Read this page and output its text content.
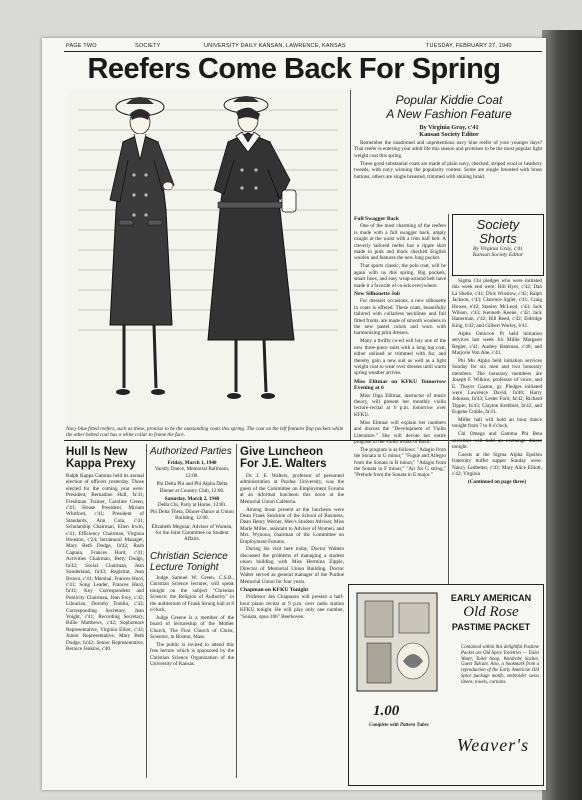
PAGE TWO	SOCIETY	UNIVERSITY DAILY KANSAN, LAWRENCE, KANSAS	TUESDAY, FEBRUARY 27, 1940
Reefers Come Back For Spring
Navy blue fitted reefers, such as these, promise to be the outstanding coats this spring. The coat on the left features flap pockets while the other belted coat has a white collar to frame the face.
Popular Kiddie Coat
A New Fashion Feature
By Virginia Gray, c'41
Kansan Society Editor

Remember the unadorned and unpretentious navy blue reefer of your younger days? That reefer is entering your adult life this season and promises to be the most popular light weight coat this spring.

These good substantial coats are made of plain navy, checked, striped wool or heathery tweeds, with navy winning the popularity contest. Some are single breasted with brass buttons; others are single breasted, trimmed with shining braid.

Full Swagger Back

One of the most charming of the reefers is made with a full swagger back, amply caught at the waist with a trim half belt. A cleverly tailored reefer has a ripple skirt made in pink and black checked English woolen and features the new lung pocket.

That sports classic, the polo coat, will be again with us this spring. Big pockets, smart lines, and easy wrap-around belt have made it a favorite of co-eds everywhere.

New Silhouette Job

For dressier occasions, a new silhouette in coats is offered. These coats, beautifully tailored with collarless necklines and full fitted fronts, are made of smooth woolens in the new pastel colors and worn with harmonizing print dresses.

Many a thrifty co-ed will buy one of the new three-piece suits with a long top coat, either unlined or trimmed with fur, and thereby gain a new suit as well as a light weight coat to wear over dresses until warm spring weather arrives.

Miss Elitmar on KFKU Tomorrow Evening at 6

Miss Olga Elitmar, instructor of music theory, will present her monthly violin lecture-recital at 6 p.m. tomorrow over KFKU.

Miss Elitmar will explain her numbers and discuss the "Development of Violin Literature." She will devote her entire program to the violin works of Bach.

The program is as follows: "Adagio from the Sonata in G minor," "Fugue and Allegro from the Sonata in B minor," "Adagio from the Sonata in F minor," "Air for G string," "Prelude from the Sonata in E major."

Society
Shorts
By Virginia Gray, c'41
Kansan Society Editor

Sigma Chi pledges who were initiated this week end were: Bill Hyer, c'42; Dan La Shelle, c'41; Dick Winslow, c'42; Ralph Jackson, c'43; Clarence Sigler, c'41; Craig Howes, e'42; Stanley McLeod, c'43; Jack Wilson, c'43; Kenneth Keene, c'42; Jack Hanerman, c'42; Bill Reed, c'42; Eldridge King, b'42; and Gilbert Worley, b'41.

Alpha Omicron Pi held initiation services last week for Millie Margaret Begler, c'41; Audrey Bateman, c'40; and Marjorie Von Ahe, c'41.

Phi Mu Alpha held initiation services Sunday for six men and two honorary members. The honorary members are Joseph F. Wilkins, professor of voice, and E. Thayer Gaston, gr. Pledges initiated were Lawrence David, fa'40; Harry Johnson, fa'43; Lester Ford, fa'42; Richard Tippin, fa'43; Clayton Krehbiel, fa'42; and Eugene Crable, fa'41.

Miller hall will hold an hour dance tonight from 7 to 8 o'clock.

Chi Omega and Gamma Phi Beta sororities will hold an exchange dinner tonight.

Guests at the Sigma Alpha Epsilon fraternity buffet supper Sunday were: Nancy Ledbetter, c'43; Mary Alice Elliott, c'42; Virginia

(Continued on page three)
Hull Is New
Kappa Prexy
Ralph Kappa Gamma held its annual election of officers yesterday. Those elected for the coming year were: President, Bernadine Hull, fa'41; Freshman Trainer, Caroline Green, c'41; House President, Miriam Whitford, c'41; President of Standards, Ann Cola, c'41; Scholarship Chairman, Ellen Irwin, c'41; Efficiency Chairman, Virginia Houston, c'24; Intramural Manager, Mary Beth Dodge, fa'42; Rush Captain, Frances Hurd, c'41; Activities Chairman, Betty Dodge, fa'42; Social Chairman, Jean Sunderland, fa'43; Registrar, Jean Brown, c'41; Marshal, Frances Hurd, c'41; Song Leader, Frances Hurd, fa'41; Key Correspondent and Publicity Chairman, Jean Frey, c'42; Librarian, Dorothy Tomlin, c'43; Corresponding Secretary, Jean Voight, c'41; Recording Secretary, Billie Matthews, c'42; Sophomore Representative, Virginia Elliot, c'43; Junior Representative, Mary Beth Dodge, fa'42; Senior Representative, Bernice Jenkins, c'40.
Authorized Parties
Friday, March 1, 1940
Varsity Dance, Memorial Ballroom, 12:00.
Phi Delta Phi and Phi Alpha Delta Dinner at Country Club, 12:00.
Saturday, March 2, 1940
Delta Chi, Party at Home, 12:00.
Phi Delta Theta, Dinner-Dance at Union Building, 12:00.
Elizabeth Meguiar, Adviser of Women, for the Joint Committee on Student Affairs.
Christian Science Lecture Tonight

Judge Samuel W. Green, C.S.B., Christian Science lecturer, will speak tonight on the subject "Christian Science: the Religion of Authority" in the auditorium of Frank Strong hall at 8 o'clock.

Judge Greene is a member of the board of lectureship of the Mother Church, The First Church of Christ, Scientist, in Boston, Mass.

The public is invited to attend this free lecture which is sponsored by the Christian Science Organization of the University of Kansas.

Give Luncheon
For J.E. Walters

Dr. J. E. Walters, professor of personnel administration at Purdue University, was the guest of the Committee on Employment Forums at an informal luncheon this noon at the Memorial Union Cafeteria.

Among those present at the luncheon were Dean Frank Stockton of the School of Business, Dean Henry Werner, Men's Student Adviser, Miss Marie Miller, assistant to Adviser of Women, and Mrs. Wynona, chairman of the Committee on Employment Forums.

During his visit here today, Doctor Walters discussed the problems of managing a student union building with Miss Hermina Zipple, Director of Memorial Union Building. Doctor Walter served as general manager of the Purdue Memorial Union for four years.

Chapman on KFKU Tonight

Professor Jan Chiapusso will present a half-hour piano recital at 9 p.m. over radio station KFKU tonight. He will play only one number, "Sonata, opus 106" Beethoven.

EARLY AMERICAN
Old Rose
PASTIME PACKET
Contained within this delightful Pastime Packet are Old Spice Toiletries — Toilet Water, Toilet Soap, Wardrobe Sachet, Guest Talcum. Also, a bookmark from a reproduction of the Early American Old Spice package motifs, embroider swiss linens, towels, curtains.
1.00
Complete with Pattern Tubes
Weaver's
